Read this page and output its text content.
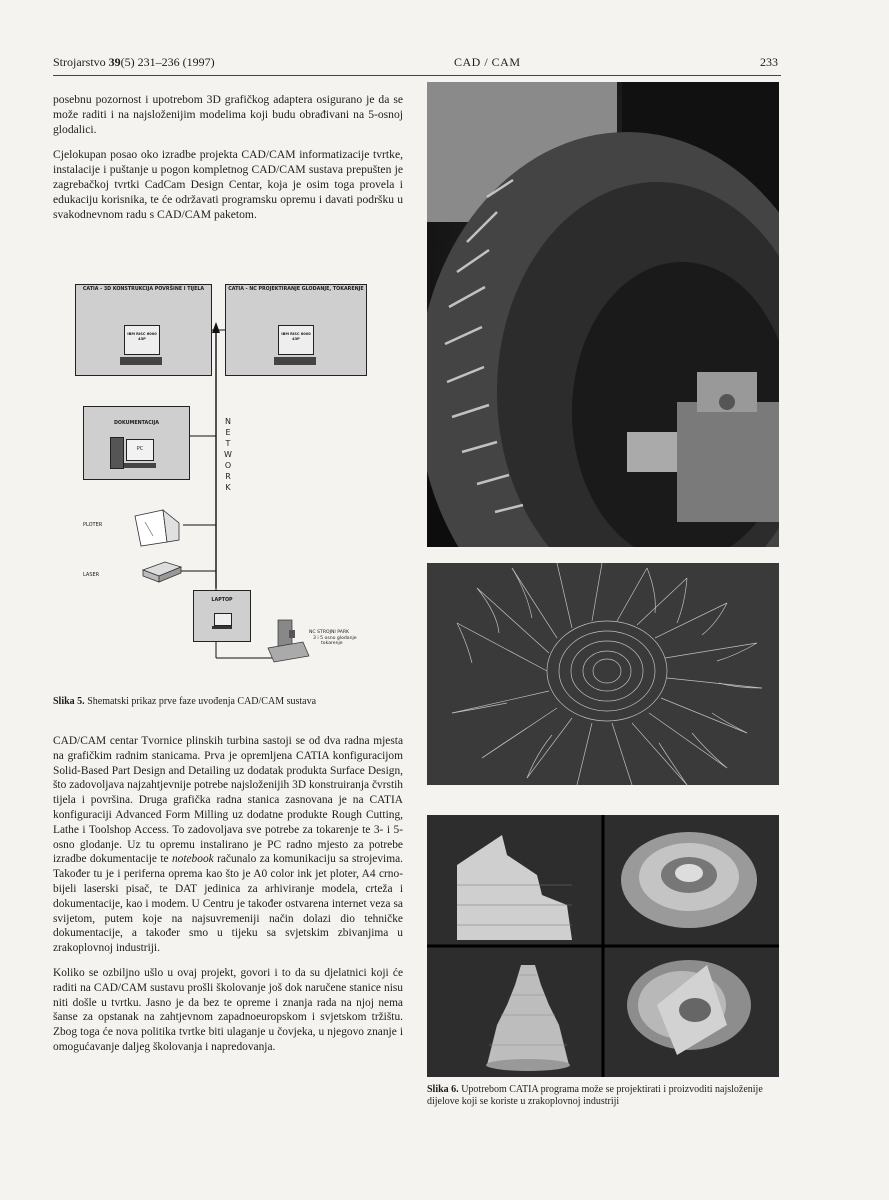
Strojarstvo 39(5) 231–236 (1997)	CAD / CAM	233

posebnu pozornost i upotrebom 3D grafičkog adaptera osigurano je da se može raditi i na najsloženijim modelima koji budu obrađivani na 5-osnoj glodalici.

Cjelokupan posao oko izradbe projekta CAD/CAM informatizacije tvrtke, instalacije i puštanje u pogon kompletnog CAD/CAM sustava prepušten je zagrebačkoj tvrtki CadCam Design Centar, koja je osim toga provela i edukaciju korisnika, te će održavati programsku opremu i davati podršku u svakodnevnom radu s CAD/CAM paketom.

CATIA - 3D KONSTRUKCIJA POVRŠINE I TIJELA
IBM RISC 6000 43P
CATIA - NC PROJEKTIRANJE GLODANJE, TOKARENJE
IBM RISC 6000 43P
DOKUMENTACIJA
PC
NETWORK
PLOTER
LASER
LAPTOP
NC STROJNI PARK
3 i 5 osno glodanje
tokarenje
Slika 5. Shematski prikaz prve faze uvođenja CAD/CAM sustava

CAD/CAM centar Tvornice plinskih turbina sastoji se od dva radna mjesta na grafičkim radnim stanicama. Prva je opremljena CATIA konfiguracijom Solid-Based Part Design and Detailing uz dodatak produkta Surface Design, što zadovoljava najzahtjevnije potrebe najsloženijih 3D konstruiranja čvrstih tijela i površina. Druga grafička radna stanica zasnovana je na CATIA konfiguraciji Advanced Form Milling uz dodatne produkte Rough Cutting, Lathe i Toolshop Access. To zadovoljava sve potrebe za tokarenje te 3- i 5-osno glodanje. Uz tu opremu instalirano je PC radno mjesto za potrebe izradbe dokumentacije te notebook računalo za komunikaciju sa strojevima. Također tu je i periferna oprema kao što je A0 color ink jet ploter, A4 crno-bijeli laserski pisač, te DAT jedinica za arhiviranje modela, crteža i dokumentacije, kao i modem. U Centru je također ostvarena internet veza sa svijetom, putem koje na najsuvremeniji način dolazi dio tehničke dokumentacije, a također smo u tijeku sa svjetskim zbivanjima u zrakoplovnoj industriji.

Koliko se ozbiljno ušlo u ovaj projekt, govori i to da su djelatnici koji će raditi na CAD/CAM sustavu prošli školovanje još dok naručene stanice nisu niti došle u tvrtku. Jasno je da bez te opreme i znanja rada na njoj nema šanse za opstanak na zahtjevnom zapadnoeuropskom i svjetskom tržištu. Zbog toga će nova politika tvrtke biti ulaganje u čovjeka, u njegovo znanje i omogućavanje daljeg školovanja i napredovanja.

Slika 6. Upotrebom CATIA programa može se projektirati i proizvoditi najsloženije dijelove koji se koriste u zrakoplovnoj industriji
